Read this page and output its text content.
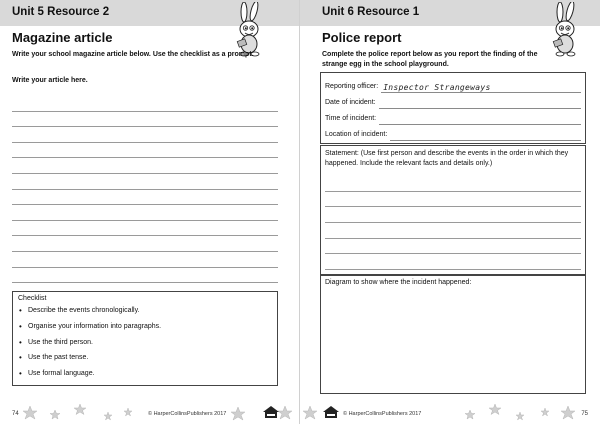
Unit 5 Resource 2
Magazine article
Write your school magazine article below. Use the checklist as a prompt.
Write your article here.
Checklist
• Describe the events chronologically.
• Organise your information into paragraphs.
• Use the third person.
• Use the past tense.
• Use formal language.
74	© HarperCollinsPublishers 2017
Unit 6 Resource 1
Police report
Complete the police report below as you report the finding of the strange egg in the school playground.
Reporting officer: Inspector Strangeways
Date of incident:
Time of incident:
Location of incident:
Statement: (Use first person and describe the events in the order in which they happened. Include the relevant facts and details only.)
Diagram to show where the incident happened:
© HarperCollinsPublishers 2017	75
